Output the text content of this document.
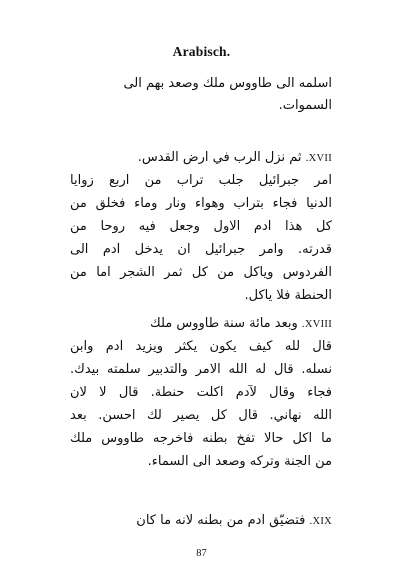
Arabisch.
اسلمه الى طاووس ملك وصعد بهم الى
السموات.
XVII. ثم نزل الرب في ارض القدس.
امر جبرائيل جلب تراب من اربع زوايا
الدنيا فجاء بتراب وهواء ونار وماء فخلق من
كل هذا آدم الاول وجعل فيه روحا من
قدرته. وامر جبرائيل ان يدخل آدم الى
الفردوس وياكل من كل ثمر الشجر اما من
الحنطة فلا ياكل.
XVIII. وبعد مائة سنة طاووس ملك
قال لله كيف يكون يكثر ويزيد آدم وابن
نسله. قال له الله الامر والتدبير سلمته بيدك.
فجاء وقال لآدم اكلت حنطة. قال لا لان
الله نهاني. قال كل يصير لك احسن. بعد
ما اكل حالا تفخ بطنه فاخرجه طاووس ملك
من الجنة وتركه وصعد الى السماء.
XIX. فتضيّق آدم من بطنه لانه ما كان
87
